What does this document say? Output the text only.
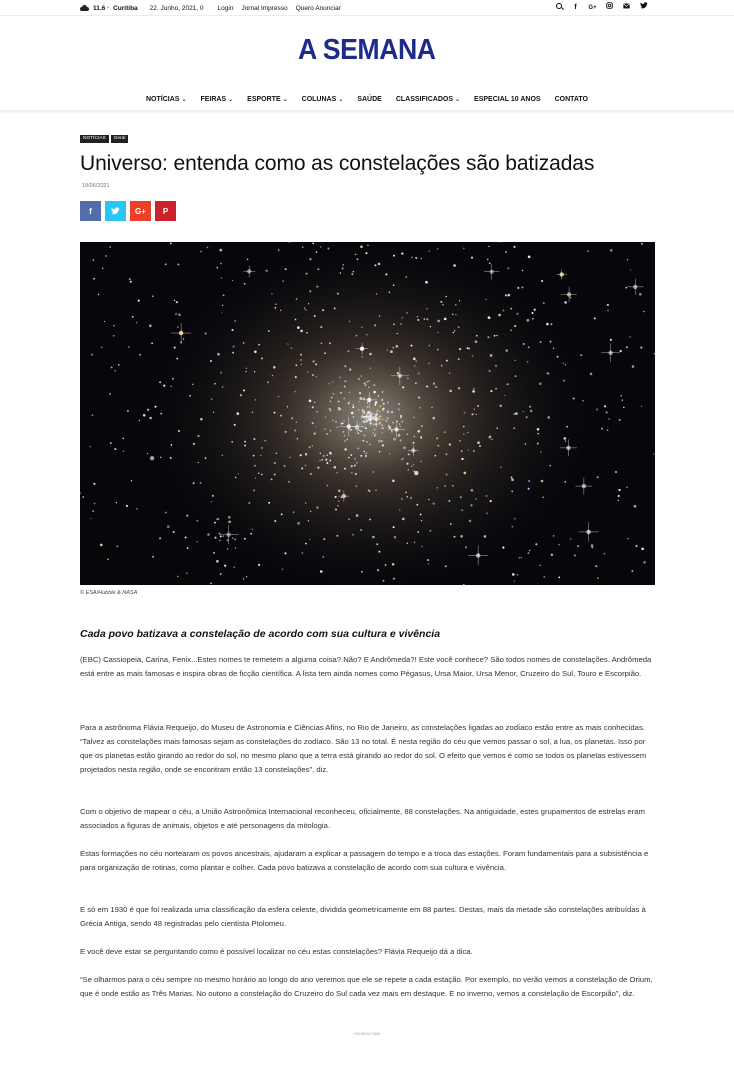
11.6 ° Curitiba 22. Junho, 2021, 0 Login Jornal Impresso Quero Anunciar	f	G+
A SEMANA
NOTÍCIAS ⌄ FEIRAS ⌄ ESPORTE ⌄ COLUNAS ⌄ SAÚDE CLASSIFICADOS ⌄ ESPECIAL 10 ANOS CONTATO
NOTÍCIAS	Geral
Universo: entenda como as constelações são batizadas
19/06/2021
f	G+	P
© ESA/Hubble & NASA
Cada povo batizava a constelação de acordo com sua cultura e vivência

(EBC) Cassiopeia, Carina, Fenix...Estes nomes te remetem a alguma coisa? Não? E Andrômeda?! Este você conhece? São todos nomes de constelações. Andrômeda está entre as mais famosas e inspira obras de ficção científica. A lista tem ainda nomes como Pégasus, Ursa Maior, Ursa Menor, Cruzeiro do Sul, Touro e Escorpião.

Para a astrônoma Flávia Requeijo, do Museu de Astronomia e Ciências Afins, no Rio de Janeiro, as constelações ligadas ao zodíaco estão entre as mais conhecidas. “Talvez as constelações mais famosas sejam as constelações do zodíaco. São 13 no total. É nesta região do céu que vemos passar o sol, a lua, os planetas. Isso por que os planetas estão girando ao redor do sol, no mesmo plano que a terra está girando ao redor do sol. O efeito que vemos é como se todos os planetas estivessem projetados nesta região, onde se encontram então 13 constelações”, diz.

Com o objetivo de mapear o céu, a União Astronômica Internacional reconheceu, oficialmente, 88 constelações. Na antiguidade, estes grupamentos de estrelas eram associados a figuras de animais, objetos e até personagens da mitologia.

Estas formações no céu nortearam os povos ancestrais, ajudaram a explicar a passagem do tempo e a troca das estações. Foram fundamentais para a subsistência e para organização de rotinas, como plantar e colher. Cada povo batizava a constelação de acordo com sua cultura e vivência.

E só em 1930 é que foi realizada uma classificação da esfera celeste, dividida geometricamente em 88 partes. Destas, mais da metade são constelações atribuídas à Grécia Antiga, sendo 48 registradas pelo cientista Ptolomeu.

E você deve estar se perguntando como é possível localizar no céu estas constelações? Flávia Requeijo dá a dica.

“Se olharmos para o céu sempre no mesmo horário ao longo do ano veremos que ele se repete a cada estação. Por exemplo, no verão vemos a constelação de Orium, que é onde estão as Três Marias. No outono a constelação do Cruzeiro do Sul cada vez mais em destaque. E no inverno, vemos a constelação de Escorpião”, diz.

- Anúncio Aqui -
